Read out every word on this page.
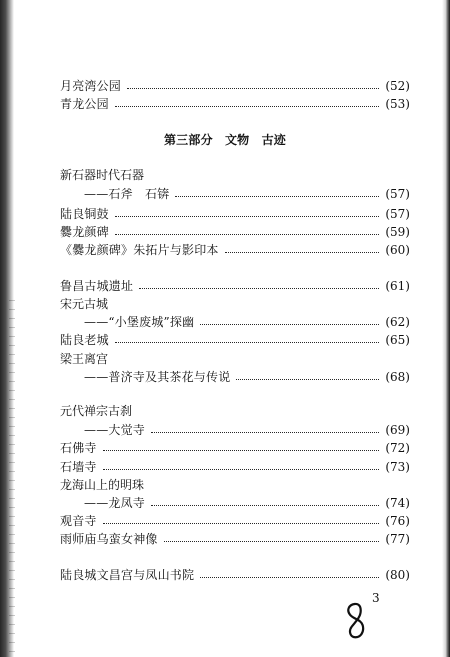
月亮湾公园	(52)
青龙公园	(53)
第三部分　文物　古迹
新石器时代石器
——石斧　石锛	(57)
陆良铜鼓	(57)
爨龙颜碑	(59)
《爨龙颜碑》朱拓片与影印本	(60)
鲁昌古城遗址	(61)
宋元古城
——“小堡废城”探幽	(62)
陆良老城	(65)
梁王离宫
——普济寺及其茶花与传说	(68)
元代禅宗古刹
——大觉寺	(69)
石佛寺	(72)
石墙寺	(73)
龙海山上的明珠
——龙凤寺	(74)
观音寺	(76)
雨师庙乌蛮女神像	(77)
陆良城文昌宫与凤山书院	(80)
3
